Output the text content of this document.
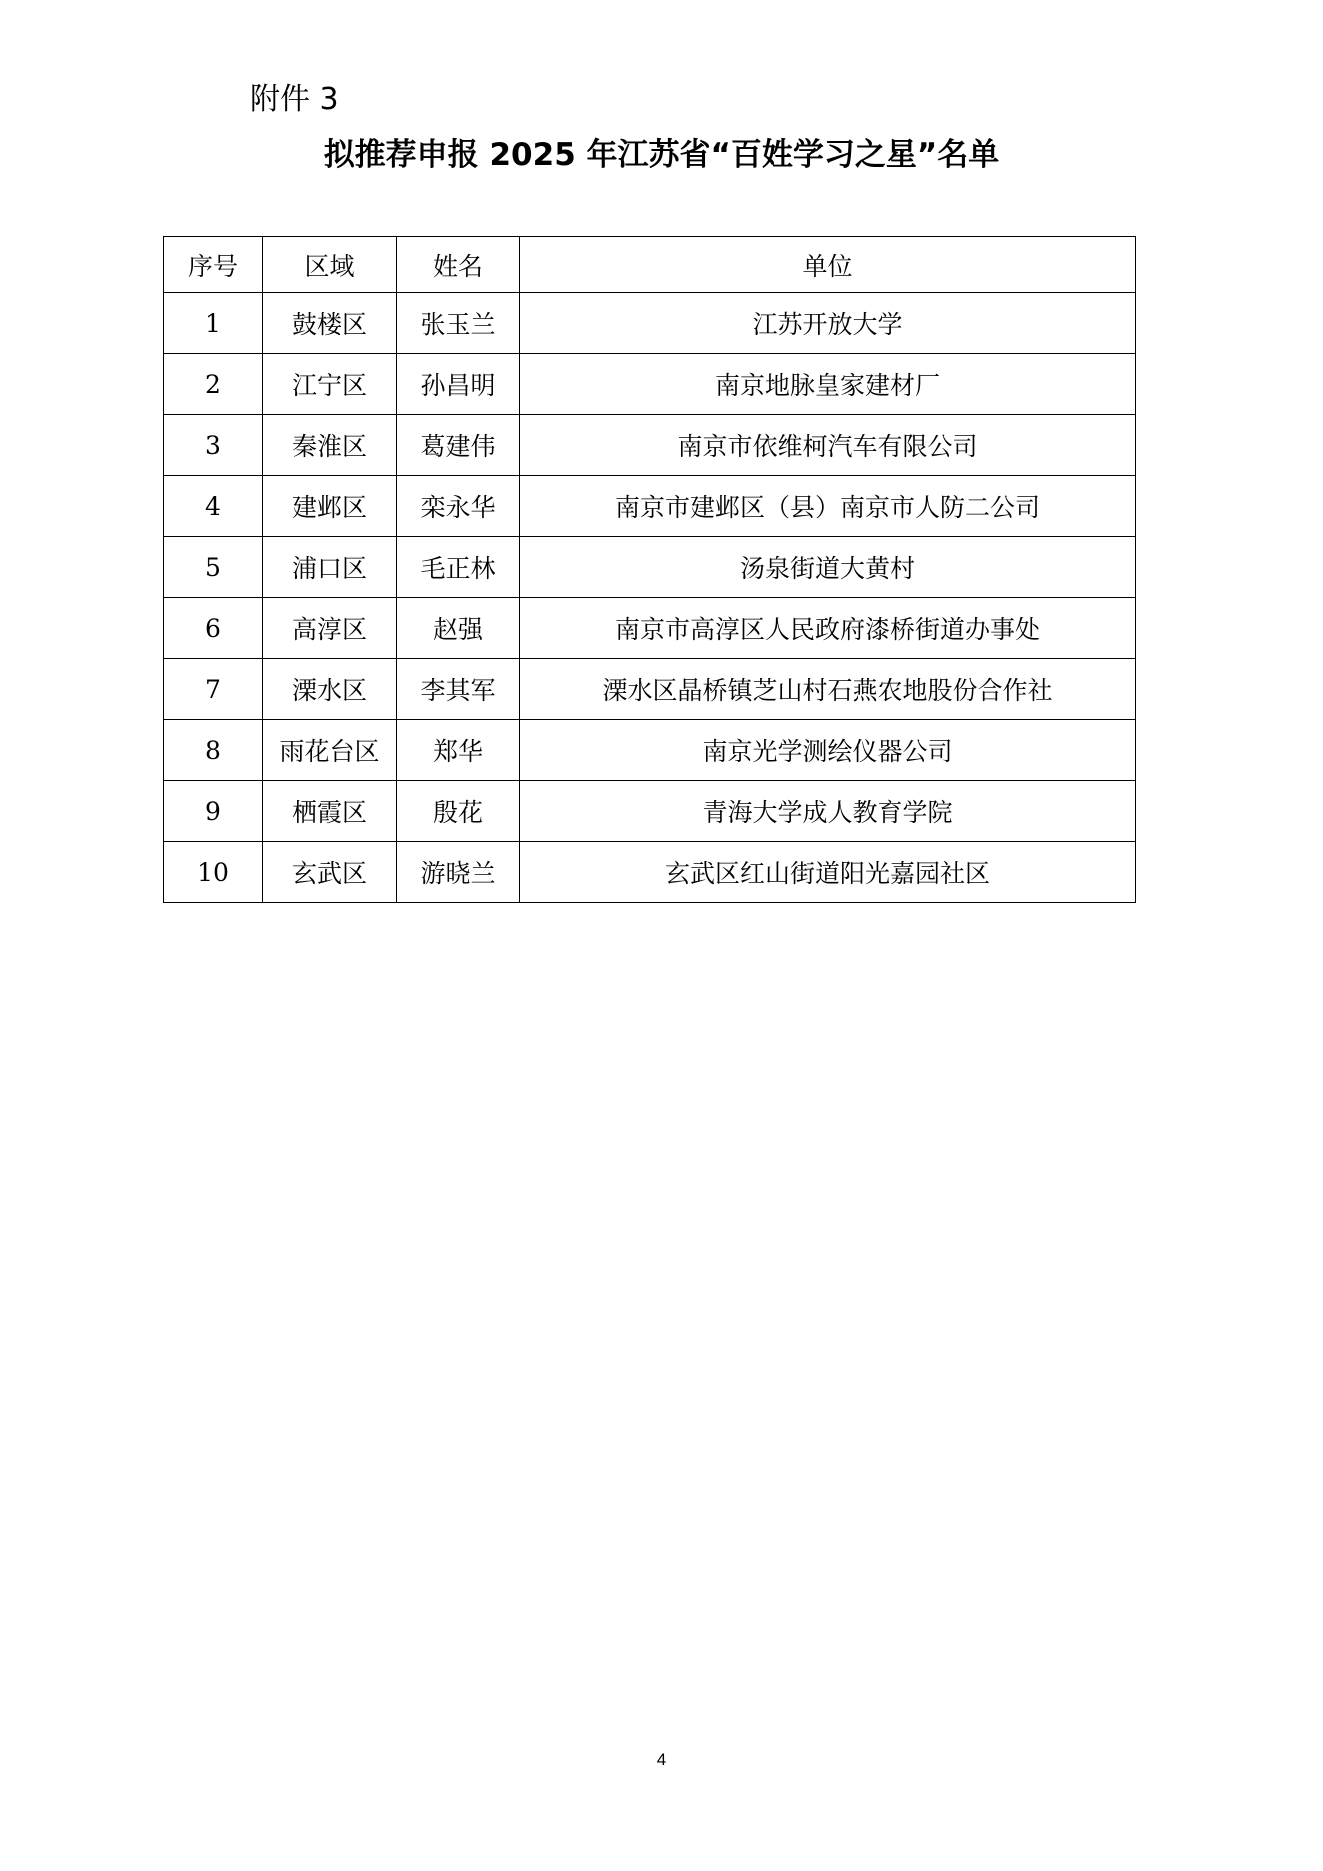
附件 3
拟推荐申报 2025 年江苏省“百姓学习之星”名单
序号	区域	姓名	单位
1	鼓楼区	张玉兰	江苏开放大学
2	江宁区	孙昌明	南京地脉皇家建材厂
3	秦淮区	葛建伟	南京市依维柯汽车有限公司
4	建邺区	栾永华	南京市建邺区（县）南京市人防二公司
5	浦口区	毛正林	汤泉街道大黄村
6	高淳区	赵强	南京市高淳区人民政府漆桥街道办事处
7	溧水区	李其军	溧水区晶桥镇芝山村石燕农地股份合作社
8	雨花台区	郑华	南京光学测绘仪器公司
9	栖霞区	殷花	青海大学成人教育学院
10	玄武区	游晓兰	玄武区红山街道阳光嘉园社区
4
